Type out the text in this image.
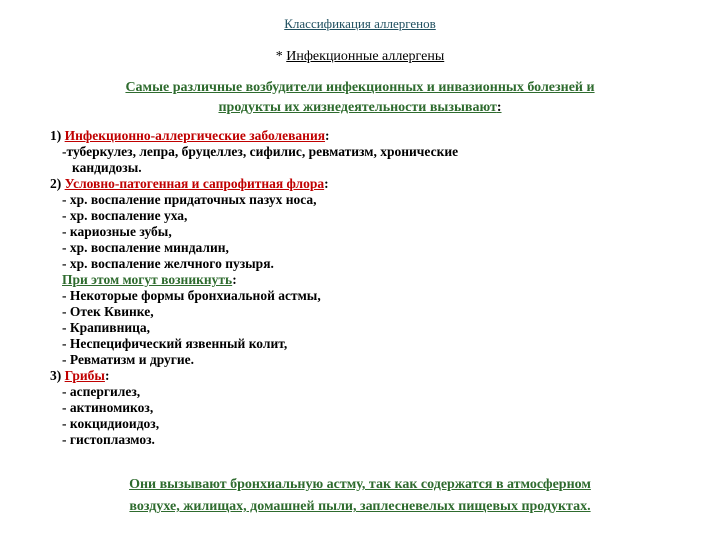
Классификация аллергенов
* Инфекционные аллергены
Самые различные возбудители инфекционных и инвазионных болезней и
продукты их жизнедеятельности вызывают:
1) Инфекционно-аллергические заболевания:
-туберкулез, лепра, бруцеллез, сифилис, ревматизм, хронические
кандидозы.
2) Условно-патогенная и сапрофитная флора:
- хр. воспаление придаточных пазух носа,
- хр. воспаление уха,
- кариозные зубы,
- хр. воспаление миндалин,
- хр. воспаление желчного пузыря.
При этом могут возникнуть:
- Некоторые формы бронхиальной астмы,
- Отек Квинке,
- Крапивница,
- Неспецифический язвенный колит,
- Ревматизм и другие.
3) Грибы:
- аспергилез,
- актиномикоз,
- кокцидиоидоз,
- гистоплазмоз.
Они вызывают бронхиальную астму, так как содержатся в атмосферном
воздухе, жилищах, домашней пыли, заплесневелых пищевых продуктах.
